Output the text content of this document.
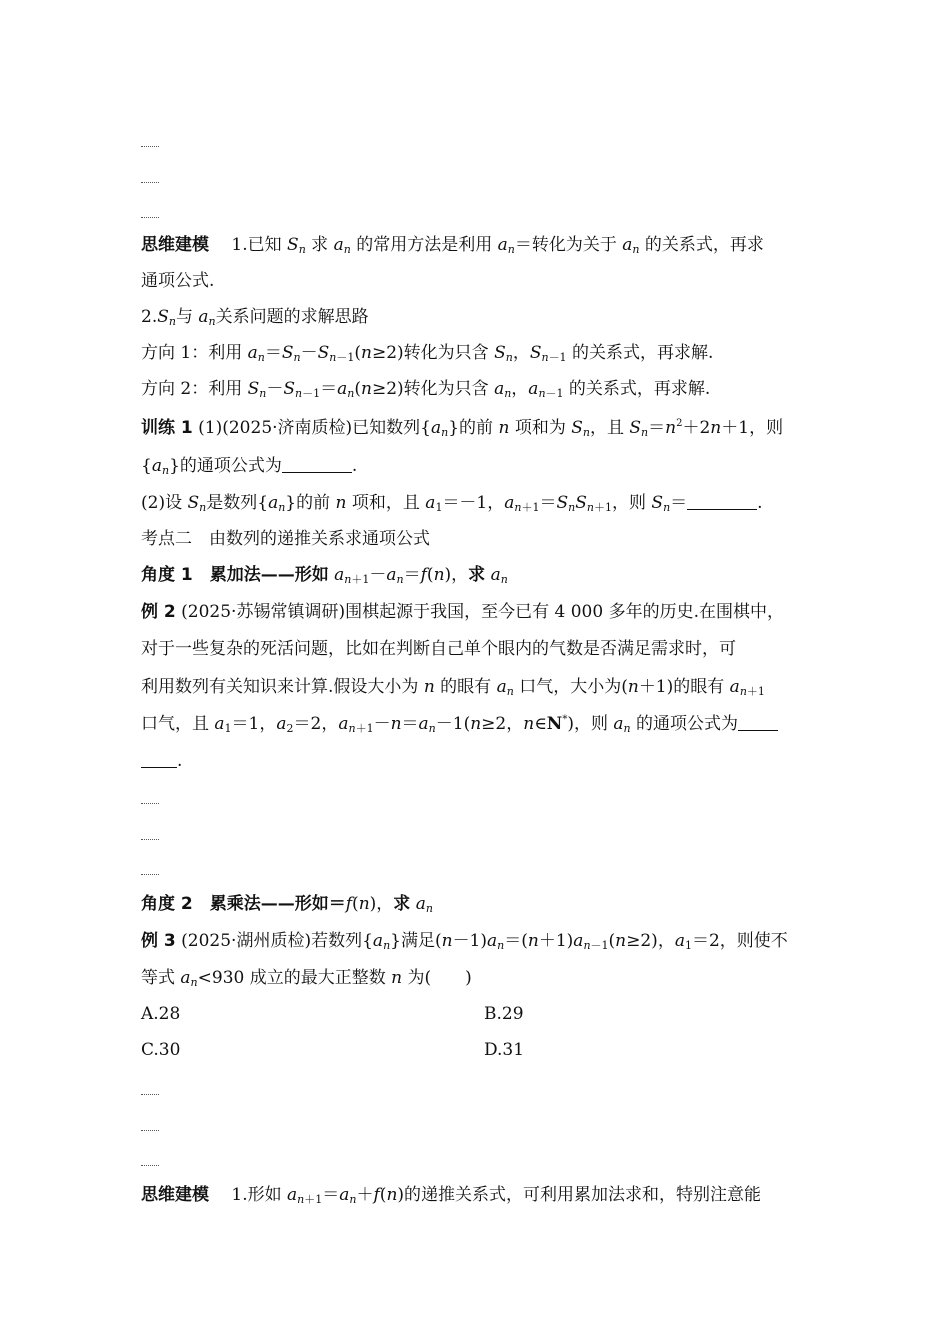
思维建模　 1.已知 $S_n$ 求 $a_n$ 的常用方法是利用 $a_n=$转化为关于 $a_n$ 的关系式，再求
通项公式.
$2.S_n$与 $a_n$关系问题的求解思路
方向 1：利用 $a_n=S_n-S_{n-1}(n\ge 2)$转化为只含 $S_n$，$S_{n-1}$ 的关系式，再求解.
方向 2：利用 $S_n-S_{n-1}=a_n(n\ge 2)$转化为只含 $a_n$，$a_{n-1}$ 的关系式，再求解.
训练 1 (1)(2025·济南质检)已知数列$\{a_n\}$的前 n 项和为 $S_n$，且 $S_n=n^2+2n+1$，则
$\{a_n\}$的通项公式为	.
(2)设 $S_n$是数列$\{a_n\}$的前 n 项和，且 $a_1=-1$，$a_{n+1}=S_nS_{n+1}$，则 $S_n=$	.
考点二　由数列的递推关系求通项公式
角度 1　 累加法——形如 $a_{n+1}-a_n=f(n)$，求 $a_n$
例 2 (2025·苏锡常镇调研)围棋起源于我国，至今已有 4 000 多年的历史.在围棋中，
对于一些复杂的死活问题，比如在判断自己单个眼内的气数是否满足需求时，可
利用数列有关知识来计算.假设大小为 n 的眼有 $a_n$ 口气，大小为(n＋1)的眼有 $a_{n+1}$
口气，且 $a_1=1$，$a_2=2$，$a_{n+1}-n=a_n-1(n\ge 2$，n∈N*)，则 $a_n$ 的通项公式为
.
角度 2　 累乘法——形如＝f(n)，求 $a_n$
例 3 (2025·湖州质检)若数列$\{a_n\}$满足$(n-1)a_n=(n+1)a_{n-1}(n\ge 2)$，$a_1=2$，则使不
等式 $a_n<930$ 成立的最大正整数 n 为(　　)
A.28	B.29
C.30	D.31
思维建模　 1.形如 $a_{n+1}=a_n+f(n)$的递推关系式，可利用累加法求和，特别注意能
